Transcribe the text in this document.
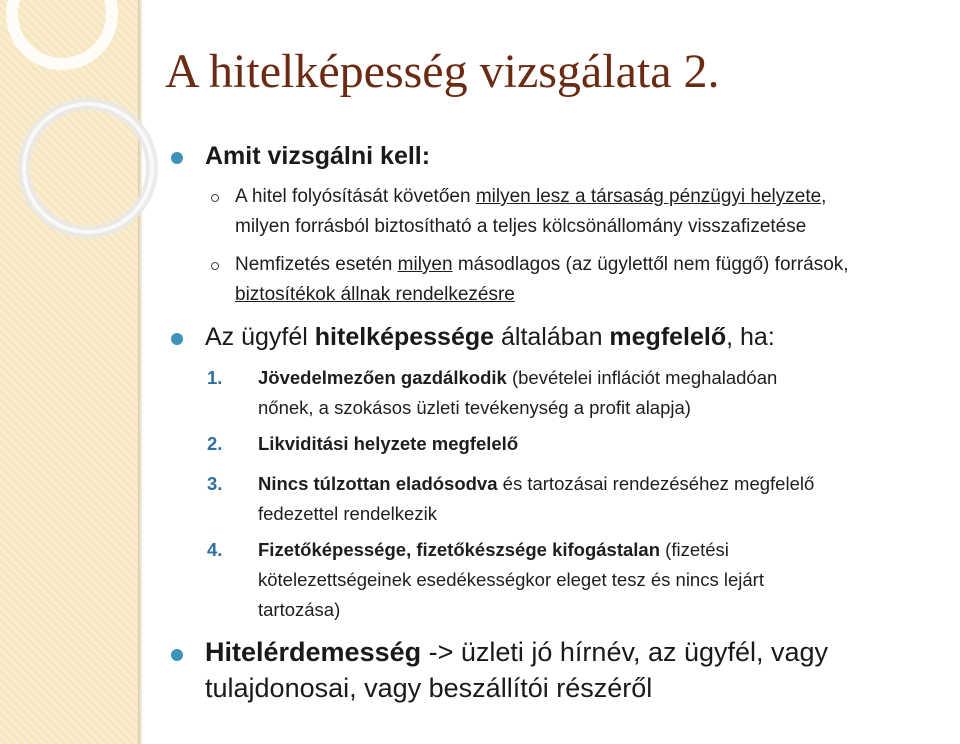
A hitelképesség vizsgálata 2.
Amit vizsgálni kell:
A hitel folyósítását követően milyen lesz a társaság pénzügyi helyzete,
milyen forrásból biztosítható a teljes kölcsönállomány visszafizetése
Nemfizetés esetén milyen másodlagos (az ügylettől nem függő) források,
biztosítékok állnak rendelkezésre
Az ügyfél hitelképessége általában megfelelő, ha:
1. Jövedelmezően gazdálkodik (bevételei inflációt meghaladóan
nőnek, a szokásos üzleti tevékenység a profit alapja)
2. Likviditási helyzete megfelelő
3. Nincs túlzottan eladósodva és tartozásai rendezéséhez megfelelő
fedezettel rendelkezik
4. Fizetőképessége, fizetőkészsége kifogástalan (fizetési
kötelezettségeinek esedékességkor eleget tesz és nincs lejárt
tartozása)
Hitelérdemesség -> üzleti jó hírnév, az ügyfél, vagy
tulajdonosai, vagy beszállítói részéről
